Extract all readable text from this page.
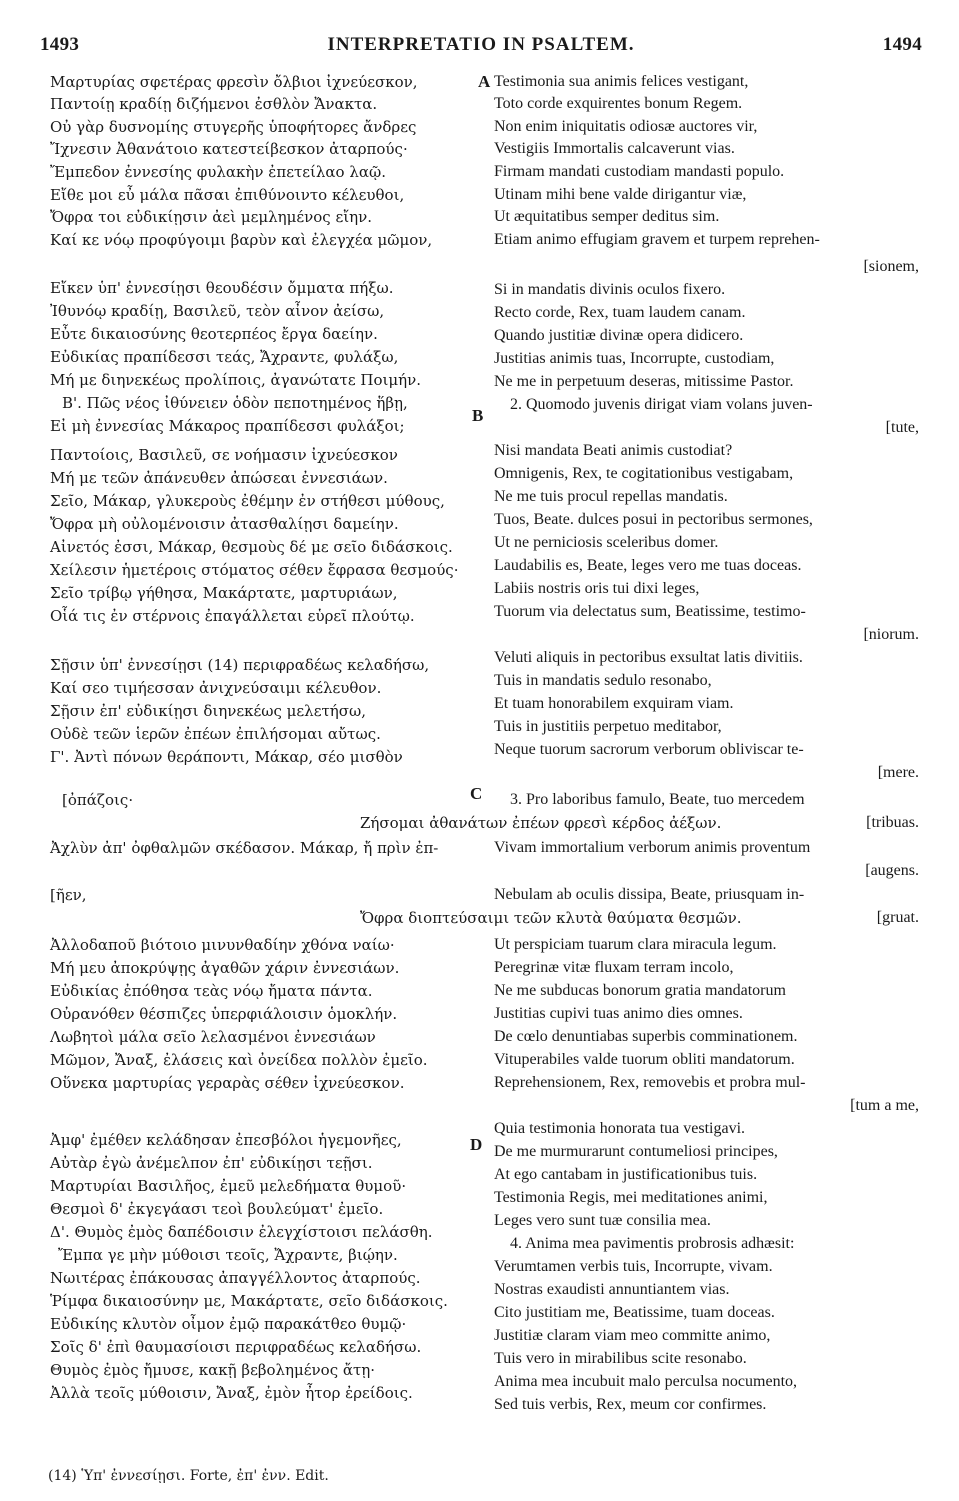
1493	INTERPRETATIO IN PSALTEM.	1494
Μαρτυρίας σφετέρας φρεσὶν ὄλβιοι ἰχνεύεσκον,
Παντοίῃ κραδίῃ διζήμενοι ἐσθλὸν Ἄνακτα.
Οὐ γὰρ δυσνομίης στυγερῆς ὑποφήτορες ἄνδρες
Ἴχνεσιν Ἀθανάτοιο κατεστείβεσκον ἀταρπούς·
Ἔμπεδον ἐννεσίης φυλακὴν ἐπετείλαο λαῷ.
Εἴθε μοι εὖ μάλα πᾶσαι ἐπιθύνοιντο κέλευθοι,
Ὄφρα τοι εὐδικίῃσιν ἀεὶ μεμλημένος εἴην.
Καί κε νόῳ προφύγοιμι βαρὺν καὶ ἐλεγχέα μῶμον,
Εἴκεν ὑπ' ἐννεσίῃσι θεουδέσιν ὄμματα πήξω.
Ἰθυνόῳ κραδίῃ, Βασιλεῦ, τεὸν αἶνον ἀείσω,
Εὖτε δικαιοσύνης θεοτερπέος ἔργα δαείην.
Εὐδικίας πραπίδεσσι τεάς, Ἄχραντε, φυλάξω,
Μή με διηνεκέως προλίποις, ἀγανώτατε Ποιμήν.
Β'. Πῶς νέος ἰθύνειεν ὁδὸν πεποτημένος ἥβῃ,
Εἰ μὴ ἐννεσίας Μάκαρος πραπίδεσσι φυλάξοι;
Παντοίοις, Βασιλεῦ, σε νοήμασιν ἰχνεύεσκον
Μή με τεῶν ἀπάνευθεν ἀπώσεαι ἐννεσιάων.
Σεῖο, Μάκαρ, γλυκεροὺς ἐθέμην ἐν στήθεσι μύθους,
Ὄφρα μὴ οὐλομένοισιν ἀτασθαλίῃσι δαμείην.
Αἰνετός ἐσσι, Μάκαρ, θεσμοὺς δέ με σεῖο διδάσκοις.
Χείλεσιν ἡμετέροις στόματος σέθεν ἔφρασα θεσμούς·
Σεῖο τρίβῳ γήθησα, Μακάρτατε, μαρτυριάων,
Οἷά τις ἐν στέρνοις ἐπαγάλλεται εὑρεῖ πλούτῳ.
Σῇσιν ὑπ' ἐννεσίῃσι (14) περιφραδέως κελαδήσω,
Καί σεο τιμήεσσαν ἀνιχνεύσαιμι κέλευθον.
Σῇσιν ἐπ' εὐδικίῃσι διηνεκέως μελετήσω,
Οὐδὲ τεῶν ἱερῶν ἐπέων ἐπιλήσομαι αὔτως.
Γ'. Ἀντὶ πόνων θεράποντι, Μάκαρ, σέο μισθὸν
[ὀπάζοις·
Ζήσομαι ἀθανάτων ἐπέων φρεσὶ κέρδος ἀέξων.
Ἀχλὺν ἀπ' ὀφθαλμῶν σκέδασον. Μάκαρ, ἤ πρὶν ἐπ-
[ῆεν,
Ὄφρα διοπτεύσαιμι τεῶν κλυτὰ θαύματα θεσμῶν.
Ἀλλοδαποῦ βιότοιο μινυνθαδίην χθόνα ναίω·
Μή μευ ἀποκρύψῃς ἀγαθῶν χάριν ἐννεσιάων.
Εὐδικίας ἐπόθησα τεὰς νόῳ ἤματα πάντα.
Οὐρανόθεν θέσπιζες ὑπερφιάλοισιν ὁμοκλήν.
Λωβητοὶ μάλα σεῖο λελασμένοι ἐννεσιάων
Μῶμον, Ἄναξ, ἐλάσεις καὶ ὀνείδεα πολλὸν ἐμεῖο.
Οὕνεκα μαρτυρίας γεραρὰς σέθεν ἰχνεύεσκον.
Ἀμφ' ἐμέθεν κελάδησαν ἐπεσβόλοι ἡγεμονῆες,
Αὐτὰρ ἐγὼ ἀνέμελπον ἐπ' εὐδικίῃσι τεῇσι.
Μαρτυρίαι Βασιλῆος, ἐμεῦ μελεδήματα θυμοῦ·
Θεσμοὶ δ' ἐκγεγάασι τεοὶ βουλεύματ' ἐμεῖο.
Δ'. Θυμὸς ἐμὸς δαπέδοισιν ἐλεγχίστοισι πελάσθη.
Ἔμπα γε μὴν μύθοισι τεοῖς, Ἄχραντε, βιῴην.
Νωιτέρας ἐπάκουσας ἀπαγγέλλοντος ἀταρπούς.
Ῥίμφα δικαιοσύνην με, Μακάρτατε, σεῖο διδάσκοις.
Εὐδικίης κλυτὸν οἶμον ἐμῷ παρακάτθεο θυμῷ·
Σοῖς δ' ἐπὶ θαυμασίοισι περιφραδέως κελαδήσω.
Θυμὸς ἐμὸς ἤμυσε, κακῇ βεβολημένος ἄτῃ·
Ἀλλὰ τεοῖς μύθοισιν, Ἄναξ, ἐμὸν ἦτορ ἐρείδοις.
Testimonia sua animis felices vestigant,
Toto corde exquirentes bonum Regem.
Non enim iniquitatis odiosæ auctores vir,
Vestigiis Immortalis calcaverunt vias.
Firmam mandati custodiam mandasti populo.
Utinam mihi bene valde dirigantur viæ,
Ut æquitatibus semper deditus sim.
Etiam animo effugiam gravem et turpem reprehen-
[sionem,
Si in mandatis divinis oculos fixero.
Recto corde, Rex, tuam laudem canam.
Quando justitiæ divinæ opera didicero.
Justitias animis tuas, Incorrupte, custodiam,
Ne me in perpetuum deseras, mitissime Pastor.
2. Quomodo juvenis dirigat viam volans juven-
[tute,
Nisi mandata Beati animis custodiat?
Omnigenis, Rex, te cogitationibus vestigabam,
Ne me tuis procul repellas mandatis.
Tuos, Beate. dulces posui in pectoribus sermones,
Ut ne perniciosis sceleribus domer.
Laudabilis es, Beate, leges vero me tuas doceas.
Labiis nostris oris tui dixi leges,
Tuorum via delectatus sum, Beatissime, testimo-
[niorum.
Veluti aliquis in pectoribus exsultat latis divitiis.
Tuis in mandatis sedulo resonabo,
Et tuam honorabilem exquiram viam.
Tuis in justitiis perpetuo meditabor,
Neque tuorum sacrorum verborum obliviscar te-
[mere.
3. Pro laboribus famulo, Beate, tuo mercedem
[tribuas.
Vivam immortalium verborum animis proventum
[augens.
Nebulam ab oculis dissipa, Beate, priusquam in-
[gruat.
Ut perspiciam tuarum clara miracula legum.
Peregrinæ vitæ fluxam terram incolo,
Ne me subducas bonorum gratia mandatorum
Justitias cupivi tuas animo dies omnes.
De cœlo denuntiabas superbis comminationem.
Vituperabiles valde tuorum obliti mandatorum.
Reprehensionem, Rex, removebis et probra mul-
[tum a me,
Quia testimonia honorata tua vestigavi.
De me murmurarunt contumeliosi principes,
At ego cantabam in justificationibus tuis.
Testimonia Regis, mei meditationes animi,
Leges vero sunt tuæ consilia mea.
4. Anima mea pavimentis probrosis adhæsit:
Verumtamen verbis tuis, Incorrupte, vivam.
Nostras exaudisti annuntiantem vias.
Cito justitiam me, Beatissime, tuam doceas.
Justitiæ claram viam meo committe animo,
Tuis vero in mirabilibus scite resonabo.
Anima mea incubuit malo perculsa nocumento,
Sed tuis verbis, Rex, meum cor confirmes.
A
B
C
D
(14) Ὑπ' ἐννεσίῃσι. Forte, ἐπ' ἐνν. Edit.
